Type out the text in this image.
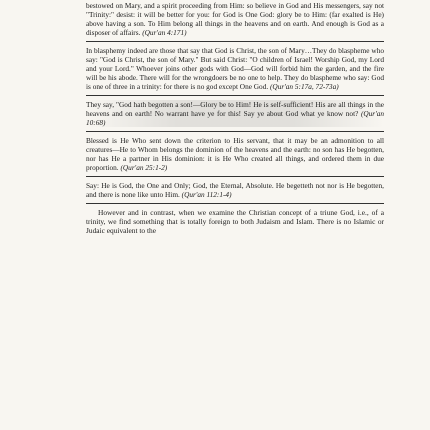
bestowed on Mary, and a spirit proceeding from Him: so believe in God and His messengers, say not "Trinity:" desist: it will be better for you: for God is One God: glory be to Him: (far exalted is He) above having a son. To Him belong all things in the heavens and on earth. And enough is God as a disposer of affairs. (Qur'an 4:171)

In blasphemy indeed are those that say that God is Christ, the son of Mary…They do blaspheme who say: "God is Christ, the son of Mary." But said Christ: "O children of Israel! Worship God, my Lord and your Lord." Whoever joins other gods with God—God will forbid him the garden, and the fire will be his abode. There will for the wrongdoers be no one to help. They do blaspheme who say: God is one of three in a trinity: for there is no god except One God. (Qur'an 5:17a, 72-73a)

They say, "God hath begotten a son!—Glory be to Him! He is self-sufficient! His are all things in the heavens and on earth! No warrant have ye for this! Say ye about God what ye know not? (Qur'an 10:68)

Blessed is He Who sent down the criterion to His servant, that it may be an admonition to all creatures—He to Whom belongs the dominion of the heavens and the earth: no son has He begotten, nor has He a partner in His dominion: it is He Who created all things, and ordered them in due proportion. (Qur'an 25:1-2)

Say: He is God, the One and Only; God, the Eternal, Absolute. He begetteth not nor is He begotten, and there is none like unto Him. (Qur'an 112:1-4)

However and in contrast, when we examine the Christian concept of a triune God, i.e., of a trinity, we find something that is totally foreign to both Judaism and Islam. There is no Islamic or Judaic equivalent to the
